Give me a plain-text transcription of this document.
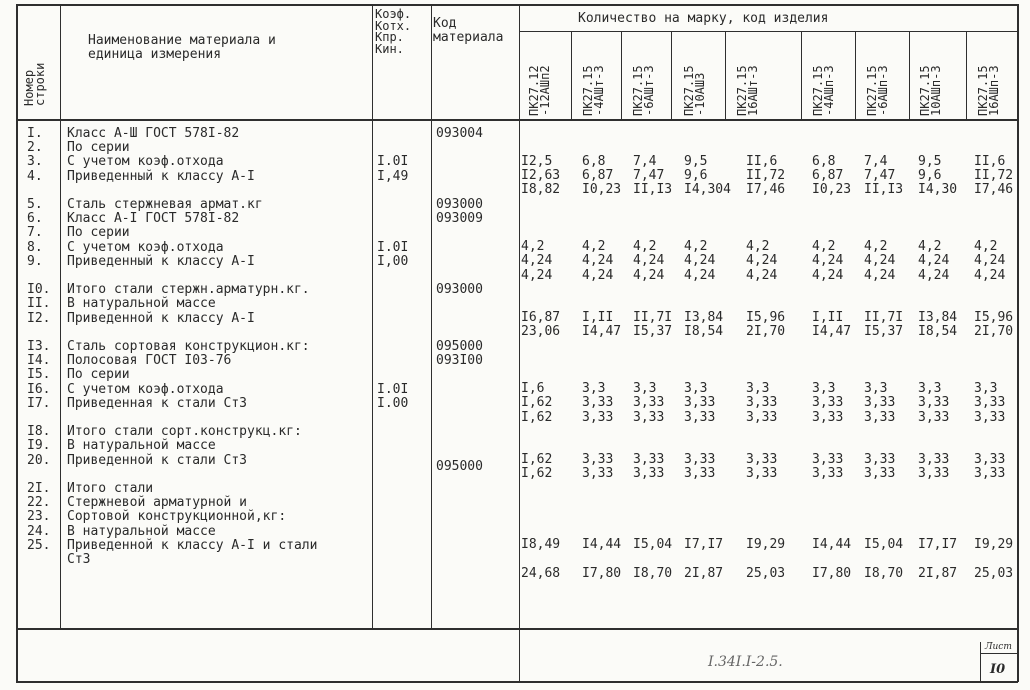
Номер
строки
Наименование материала и
единица измерения
Коэф.
Котх.
Кпр.
Кин.
Код
материала
Количество на марку, код изделия
ПК27.12
-12АШп2 ПК27.15
-4АШт-3 ПК27.15
-6АШт-3 ПК27.15
-10АШ3 ПК27.15
16АШт-3	ПК27.15
-4АШп-3 ПК27.15
-6АШп-3 ПК27.15
10АШп-3	ПК27.15
16АШп-3
I.
2.
3.
4.

5.
6.
7.
8.
9.

I0.
II.
I2.

I3.
I4.
I5.
I6.
I7.

I8.
I9.
20.

2I.
22.
23.
24.
25.
Класс А-Ш ГОСТ 578I-82
По серии
С учетом коэф.отхода
Приведенный к классу А-I

Сталь стержневая армат.кг
Класс А-I ГОСТ 578I-82
По серии
С учетом коэф.отхода
Приведенный к классу А-I

Итого стали стержн.арматурн.кг.
В натуральной массе
Приведенной к классу А-I

Сталь сортовая конструкцион.кг:
Полосовая ГОСТ I03-76
По серии
С учетом коэф.отхода
Приведенная к стали Ст3

Итого стали сорт.конструкц.кг:
В натуральной массе
Приведенной к стали Ст3

Итого стали
Стержневой арматурной и
Сортовой конструкционной,кг:
В натуральной массе
Приведенной к классу А-I и стали
Ст3

I.0I
I,49

I.0I
I,00

I.0I
I.00
093004

093000
093009

093000

095000
093I00
095000
I2,5
I2,63
I8,82

4,2
4,24
4,24

I6,87
23,06

I,6
I,62
I,62

I,62
I,62

I8,49

24,68
6,8
6,87
I0,23

4,2
4,24
4,24

I,II
I4,47

3,3
3,33
3,33

3,33
3,33

I4,44

I7,80
7,4
7,47
II,I3

4,2
4,24
4,24

II,7I
I5,37

3,3
3,33
3,33

3,33
3,33

I5,04

I8,70
9,5
9,6
I4,304

4,2
4,24
4,24

I3,84
I8,54

3,3
3,33
3,33

3,33
3,33

I7,I7

2I,87
II,6
II,72
I7,46

4,2
4,24
4,24

I5,96
2I,70

3,3
3,33
3,33

3,33
3,33

I9,29

25,03
6,8
6,87
I0,23

4,2
4,24
4,24

I,II
I4,47

3,3
3,33
3,33

3,33
3,33

I4,44

I7,80
7,4
7,47
II,I3

4,2
4,24
4,24

II,7I
I5,37

3,3
3,33
3,33

3,33
3,33

I5,04

I8,70
9,5
9,6
I4,30

4,2
4,24
4,24

I3,84
I8,54

3,3
3,33
3,33

3,33
3,33

I7,I7

2I,87
II,6
II,72
I7,46

4,2
4,24
4,24

I5,96
2I,70

3,3
3,33
3,33

3,33
3,33

I9,29

25,03
I.34I.I-2.5.
Лист
I0
